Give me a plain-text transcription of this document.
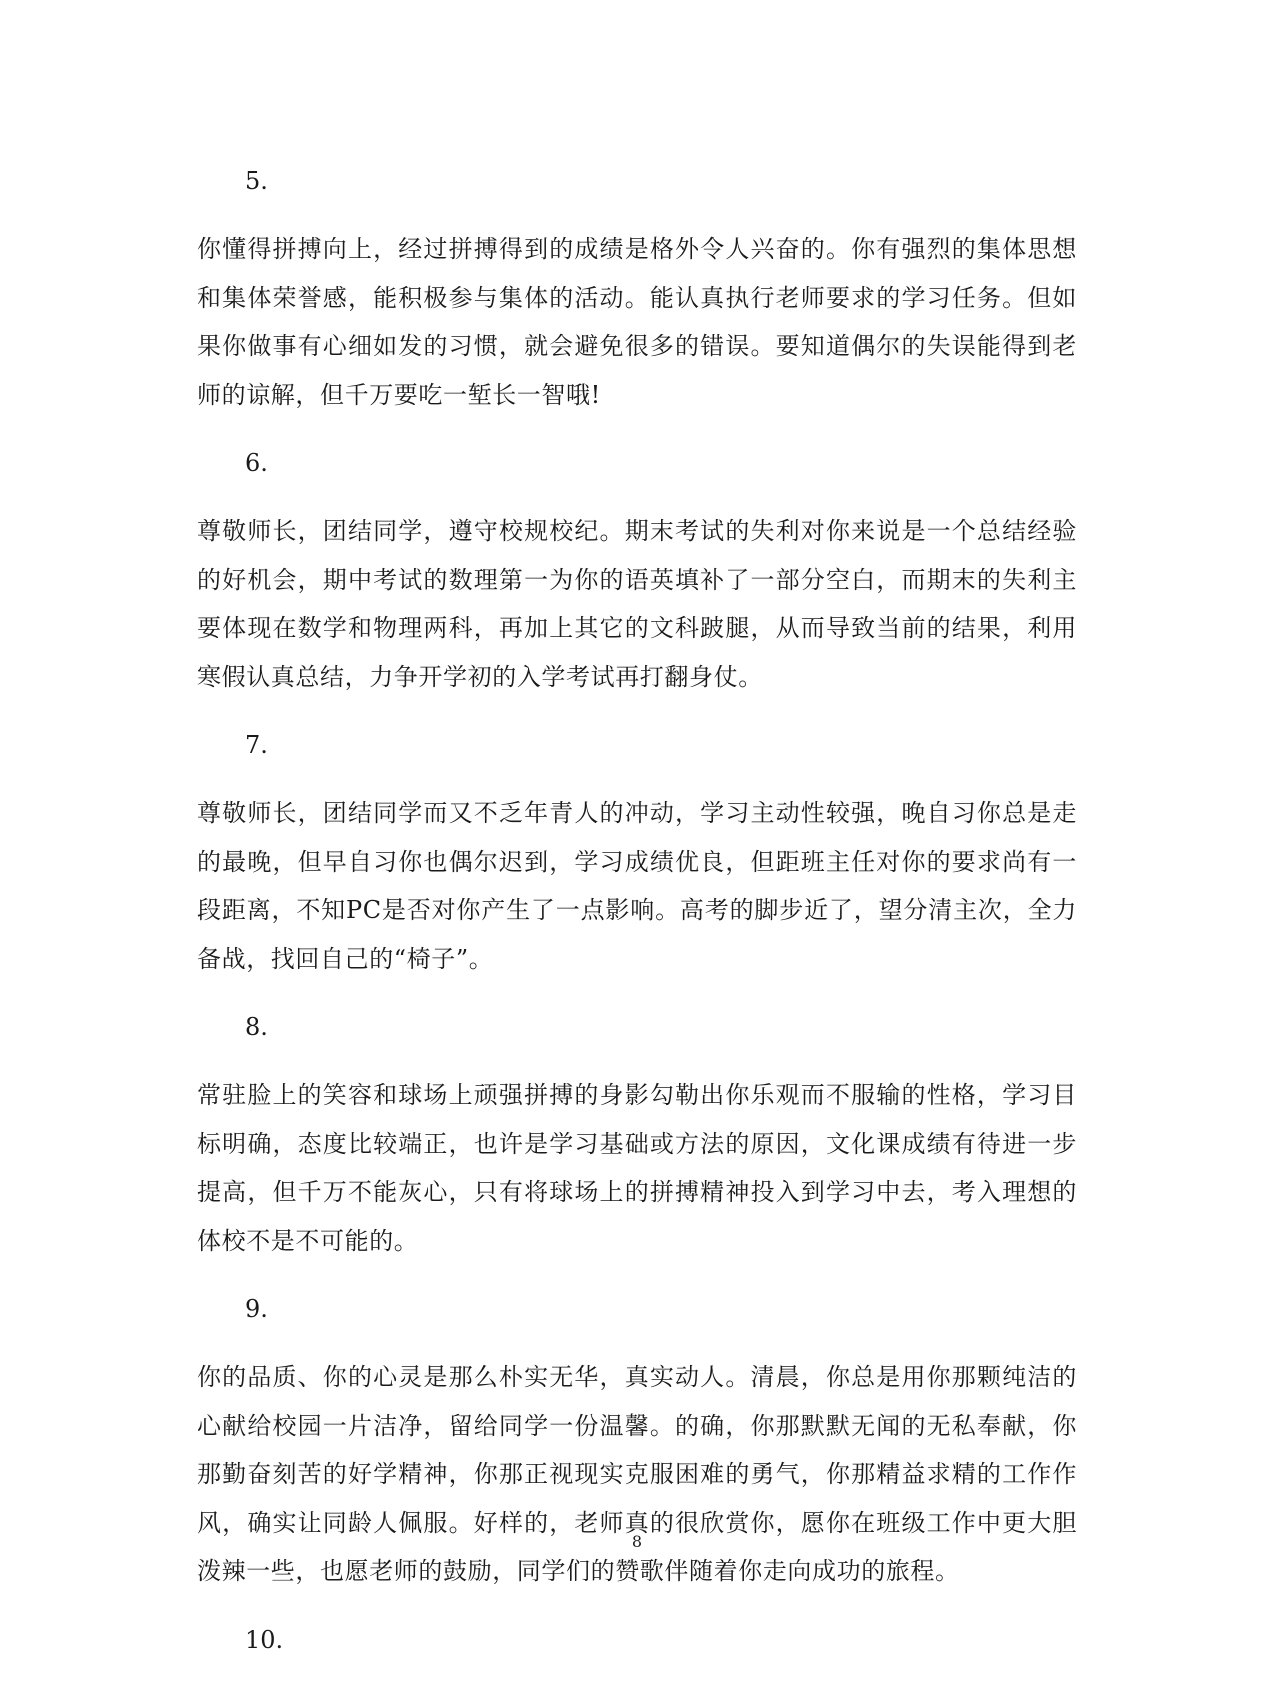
5.

你懂得拼搏向上，经过拼搏得到的成绩是格外令人兴奋的。你有强烈的集体思想和集体荣誉感，能积极参与集体的活动。能认真执行老师要求的学习任务。但如果你做事有心细如发的习惯，就会避免很多的错误。要知道偶尔的失误能得到老师的谅解，但千万要吃一堑长一智哦!

6.

尊敬师长，团结同学，遵守校规校纪。期末考试的失利对你来说是一个总结经验的好机会，期中考试的数理第一为你的语英填补了一部分空白，而期末的失利主要体现在数学和物理两科，再加上其它的文科跛腿，从而导致当前的结果，利用寒假认真总结，力争开学初的入学考试再打翻身仗。

7.

尊敬师长，团结同学而又不乏年青人的冲动，学习主动性较强，晚自习你总是走的最晚，但早自习你也偶尔迟到，学习成绩优良，但距班主任对你的要求尚有一段距离，不知PC是否对你产生了一点影响。高考的脚步近了，望分清主次，全力备战，找回自己的“椅子”。

8.

常驻脸上的笑容和球场上顽强拼搏的身影勾勒出你乐观而不服输的性格，学习目标明确，态度比较端正，也许是学习基础或方法的原因，文化课成绩有待进一步提高，但千万不能灰心，只有将球场上的拼搏精神投入到学习中去，考入理想的体校不是不可能的。

9.

你的品质、你的心灵是那么朴实无华，真实动人。清晨，你总是用你那颗纯洁的心献给校园一片洁净，留给同学一份温馨。的确，你那默默无闻的无私奉献，你那勤奋刻苦的好学精神，你那正视现实克服困难的勇气，你那精益求精的工作作风，确实让同龄人佩服。好样的，老师真的很欣赏你，愿你在班级工作中更大胆泼辣一些，也愿老师的鼓励，同学们的赞歌伴随着你走向成功的旅程。

10.
8
